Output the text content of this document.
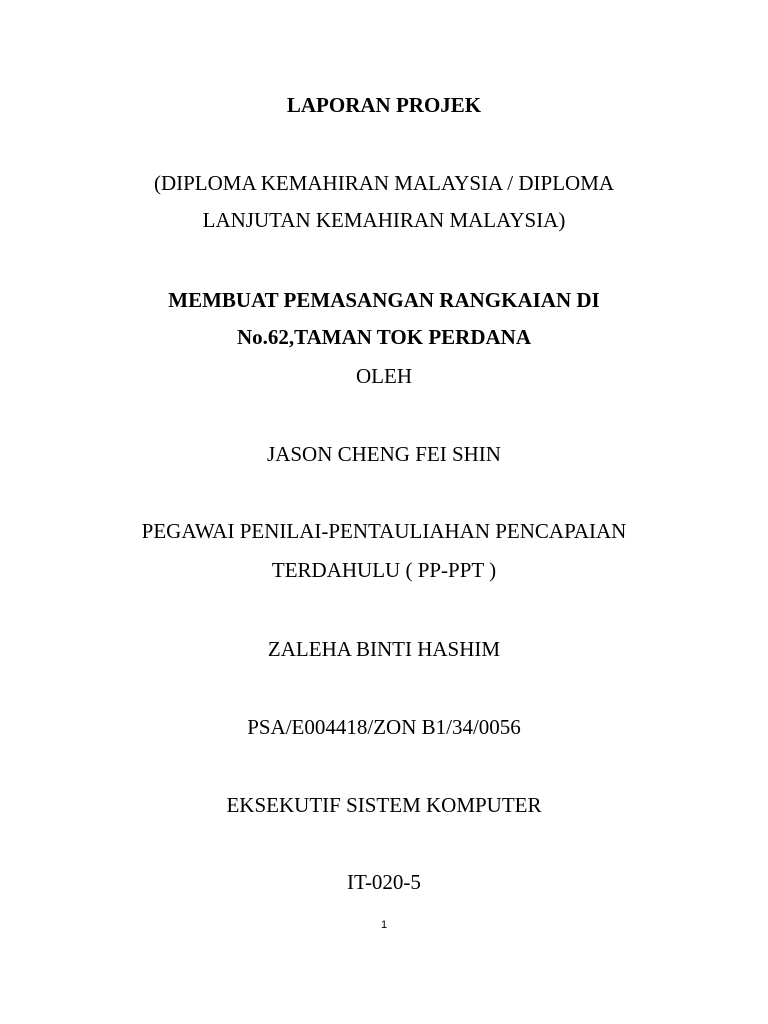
LAPORAN PROJEK
(DIPLOMA KEMAHIRAN MALAYSIA / DIPLOMA
LANJUTAN KEMAHIRAN MALAYSIA)
MEMBUAT PEMASANGAN RANGKAIAN DI
No.62,TAMAN TOK PERDANA
OLEH
JASON CHENG FEI SHIN
PEGAWAI PENILAI-PENTAULIAHAN PENCAPAIAN
TERDAHULU ( PP-PPT )
ZALEHA BINTI HASHIM
PSA/E004418/ZON B1/34/0056
EKSEKUTIF SISTEM KOMPUTER
IT-020-5
1
